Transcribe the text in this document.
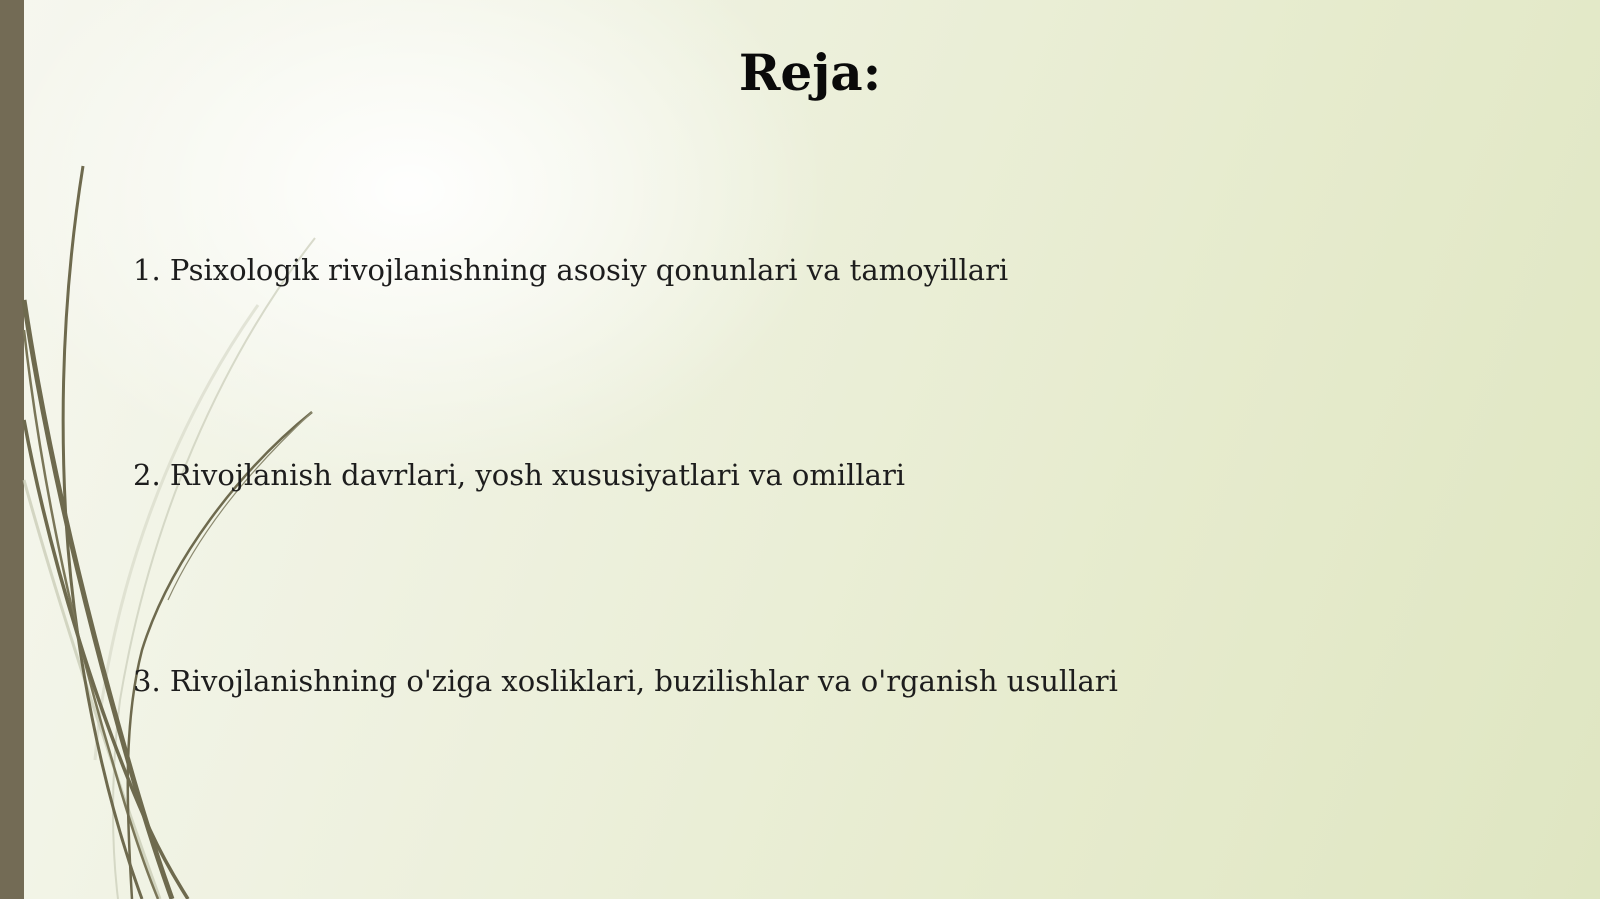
Reja:
1. Psixologik rivojlanishning asosiy qonunlari va tamoyillari
2. Rivojlanish davrlari, yosh xususiyatlari va omillari
3. Rivojlanishning o'ziga xosliklari, buzilishlar va o'rganish usullari
